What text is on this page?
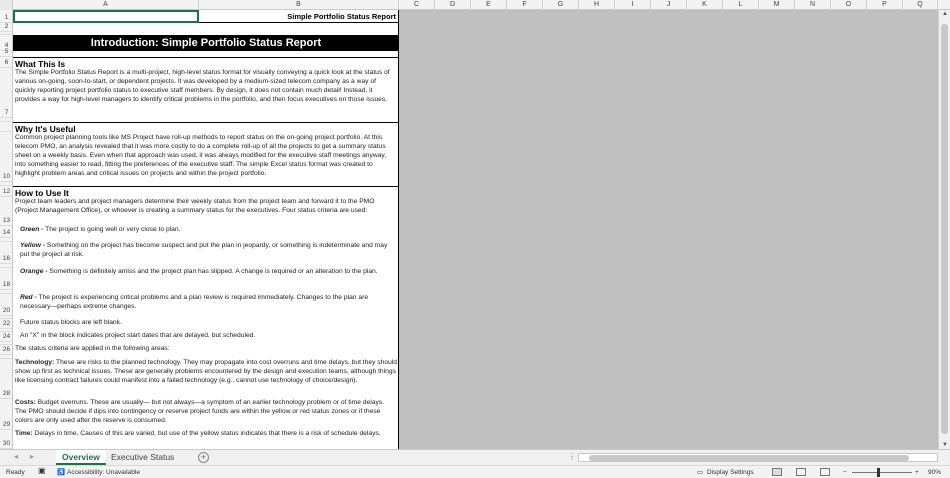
A	B	C	D	E	F	G	H	I	J	K	L	M	N	O	P	Q
1
2
4
5
6
7
10
12
13
14
16
18
20
22
24
26
28
29
30
Simple Portfolio Status Report
Introduction: Simple Portfolio Status Report
What This Is
The Simple Portfolio Status Report is a multi-project, high-level status format for visually conveying a quick look at the status of various on-going, soon-to-start, or dependent projects. It was developed by a medium-sized telecom company as a way of quickly reporting project portfolio status to executive staff members. By design, it does not contain much detail! Instead, it provides a way for high-level managers to identify critical problems in the portfolio, and then focus executives on those issues.
Why It's Useful
Common project planning tools like MS Project have roll-up methods to report status on the on-going project portfolio. At this telecom PMO, an analysis revealed that it was more costly to do a complete roll-up of all the projects to get a summary status sheet on a weekly basis. Even when that approach was used, it was always modified for the executive staff meetings anyway, into something easier to read, fitting the preferences of the executive staff. The simple Excel status format was created to highlight problem areas and critical issues on projects and within the project portfolio.
How to Use It
Project team leaders and project managers determine their weekly status from the project team and forward it to the PMO (Project Management Office), or whoever is creating a summary status for the executives. Four status criteria are used:
Green - The project is going well or very close to plan.
Yellow - Something on the project has become suspect and put the plan in jeopardy, or something is indeterminate and may put the project at risk.
Orange - Something is definitely amiss and the project plan has slipped. A change is required or an alteration to the plan.
Red - The project is experiencing critical problems and a plan review is required immediately. Changes to the plan are necessary—perhaps extreme changes.
Future status blocks are left blank.
An "X" in the block indicates project start dates that are delayed, but scheduled.
The status criteria are applied in the following areas:
Technology: These are risks to the planned technology. They may propagate into cost overruns and time delays, but they should show up first as technical issues. These are generally problems encountered by the design and execution teams, although things like licensing contract failures could manifest into a failed technology (e.g., cannot use technology of choice/design).
Costs: Budget overruns. These are usually— but not always—a symptom of an earlier technology problem or of time delays. The PMO should decide if dips into contingency or reserve project funds are within the yellow or red status zones or if these colors are only used after the reserve is consumed.
Time: Delays in time. Causes of this are varied, but use of the yellow status indicates that there is a risk of schedule delays.
▲
▼
◂ ▸	Overview	Executive Status	+	⋮
Ready ▣ ♿ Accessibility: Unavailable	▭ Display Settings	−	+ 90%
